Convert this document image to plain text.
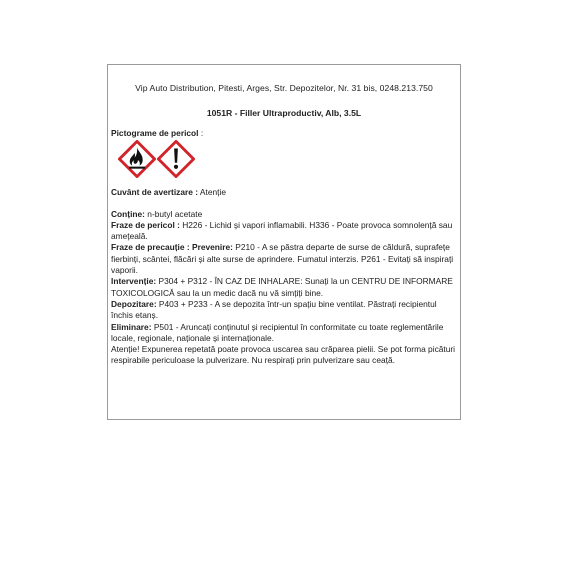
Vip Auto Distribution, Pitesti, Arges, Str. Depozitelor, Nr. 31 bis, 0248.213.750
1051R - Filler Ultraproductiv, Alb, 3.5L

Pictograme de pericol :

Cuvânt de avertizare : Atenție

Conține: n-butyl acetate

Fraze de pericol : H226 - Lichid și vapori inflamabili. H336 - Poate provoca somnolență sau amețeală.

Fraze de precauție : Prevenire: P210 - A se păstra departe de surse de căldură, suprafețe fierbinți, scântei, flăcări și alte surse de aprindere. Fumatul interzis. P261 - Evitați să inspirați vaporii.

Intervenție: P304 + P312 - ÎN CAZ DE INHALARE: Sunați la un CENTRU DE INFORMARE TOXICOLOGICĂ sau la un medic dacă nu vă simțiți bine.

Depozitare: P403 + P233 - A se depozita într-un spațiu bine ventilat. Păstrați recipientul închis etanș.

Eliminare: P501 - Aruncați conținutul și recipientul în conformitate cu toate reglementările locale, regionale, naționale și internaționale.

Atenție! Expunerea repetată poate provoca uscarea sau crăparea pielii. Se pot forma picături respirabile periculoase la pulverizare. Nu respirați prin pulverizare sau ceață.
